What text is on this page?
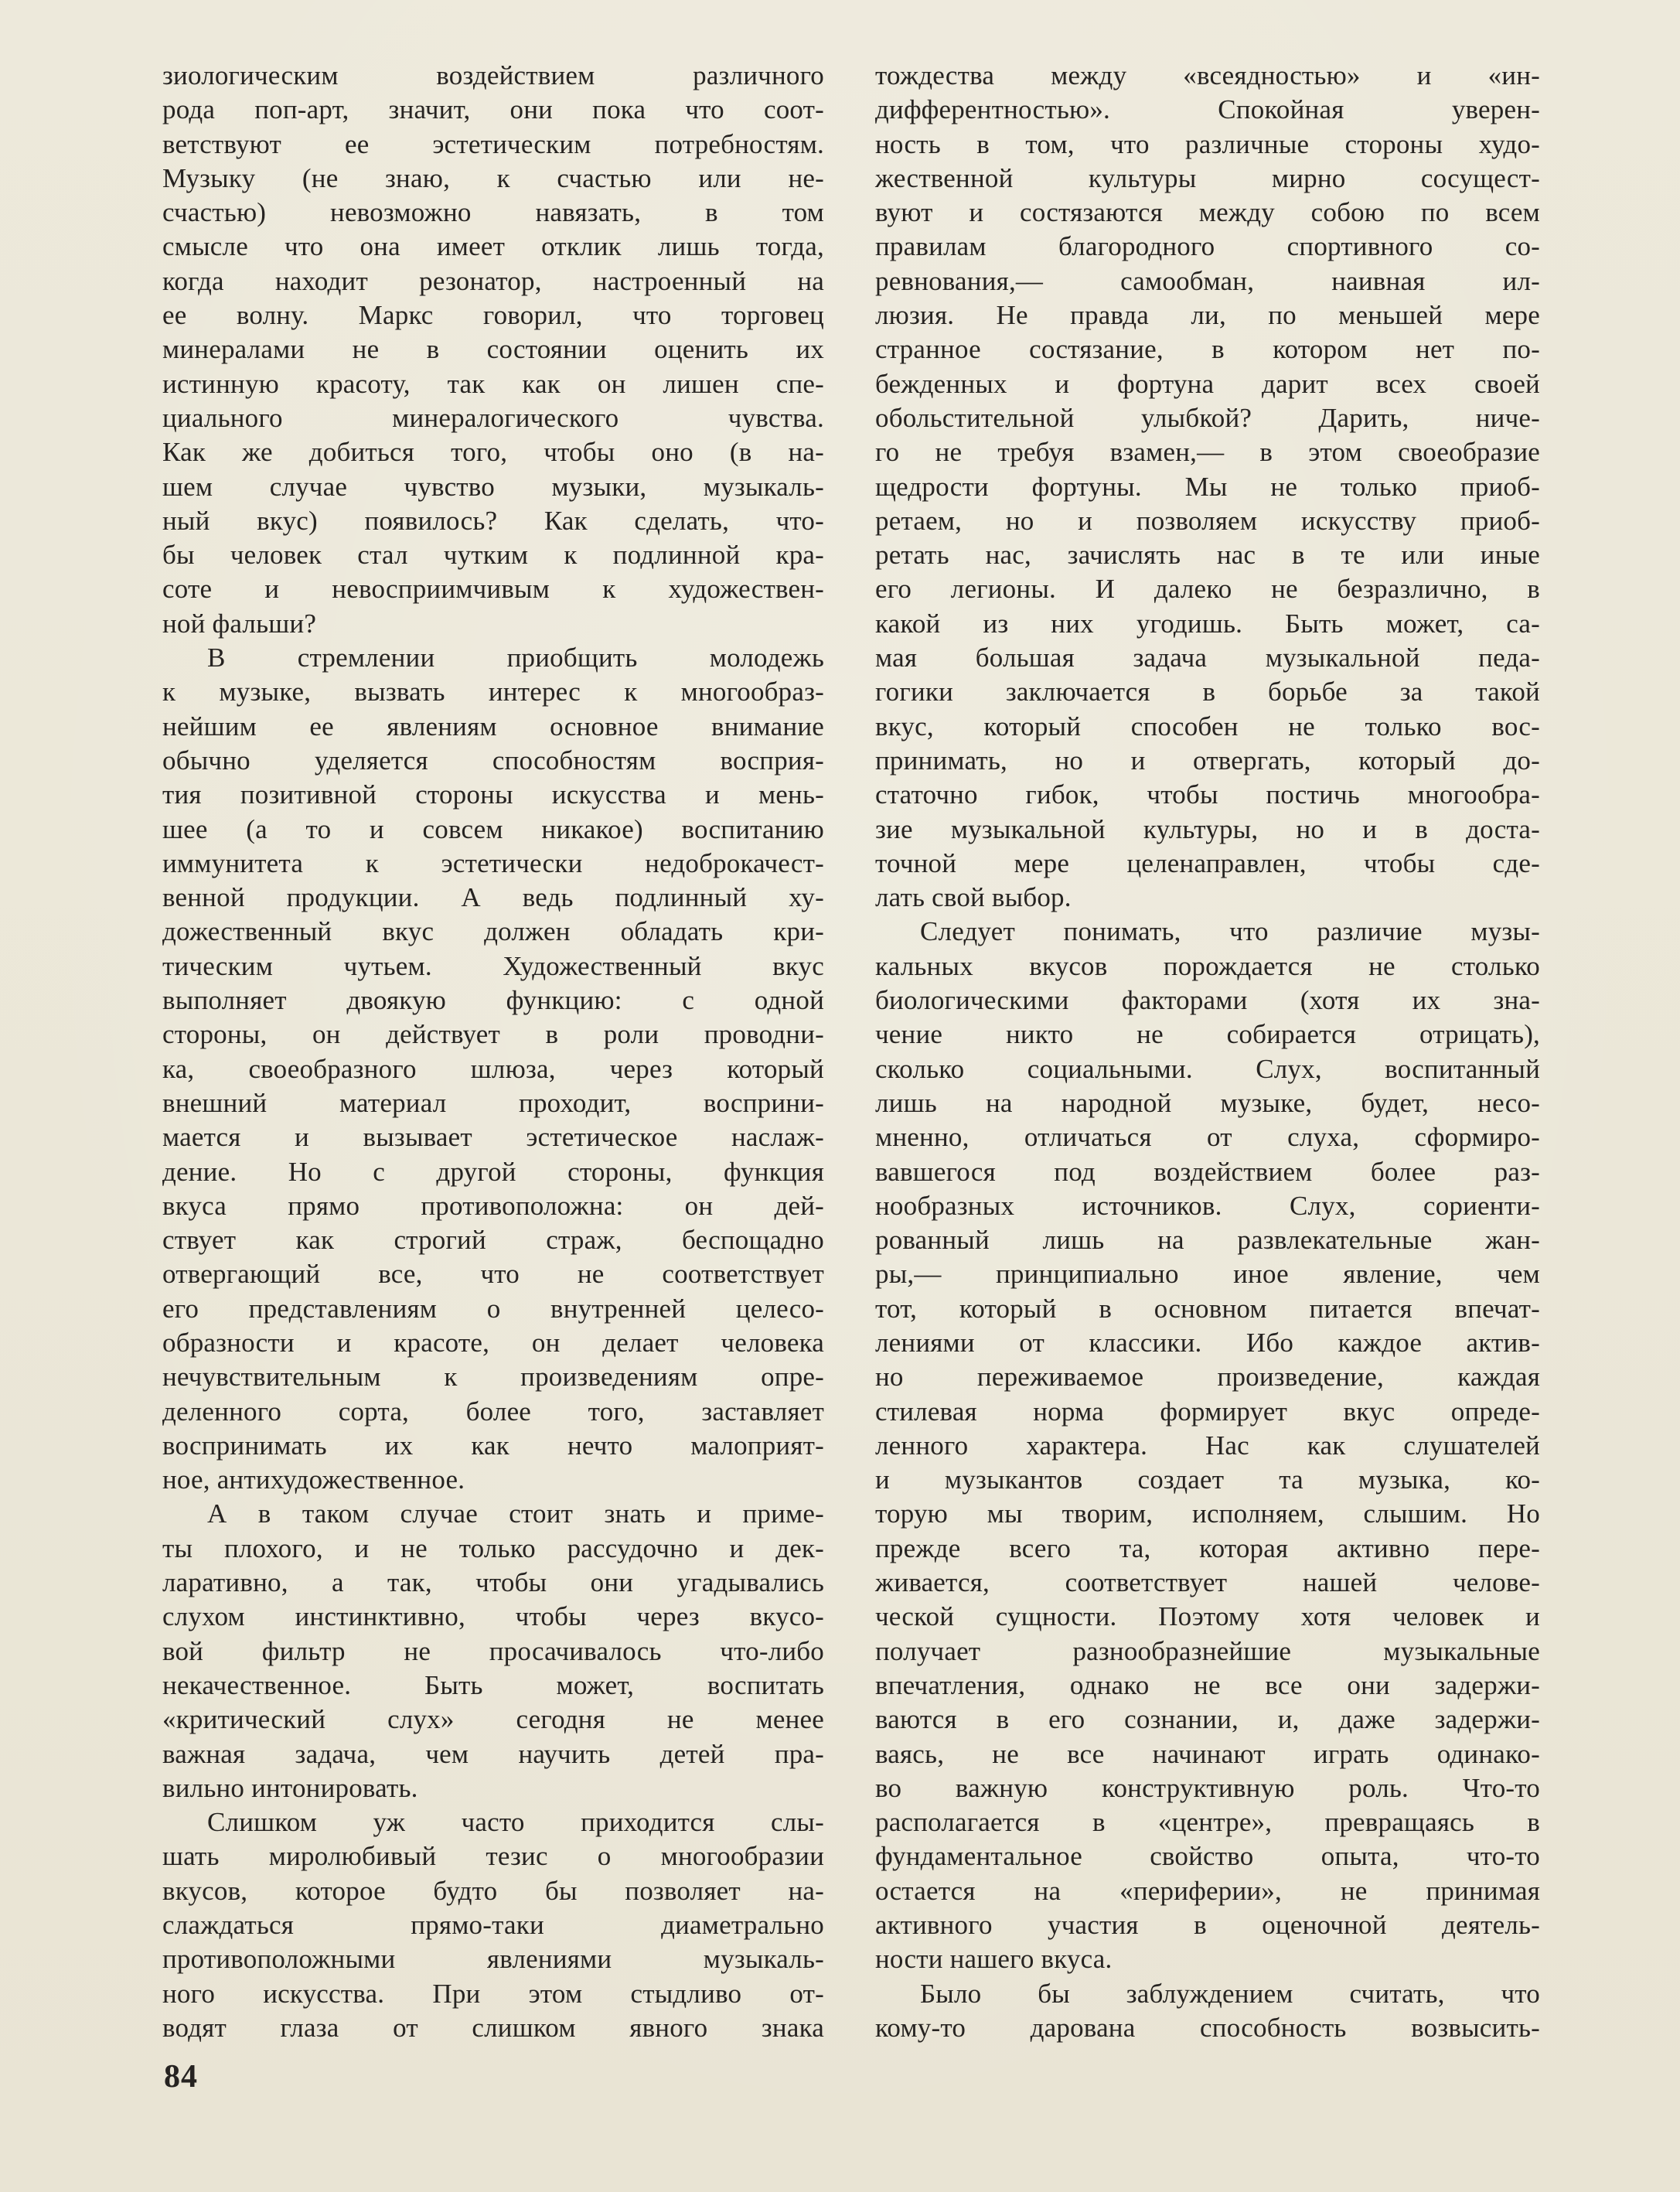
зиологическим воздействием различного
рода поп-арт, значит, они пока что соот-
ветствуют ее эстетическим потребностям.
Музыку (не знаю, к счастью или не-
счастью) невозможно навязать, в том
смысле что она имеет отклик лишь тогда,
когда находит резонатор, настроенный на
ее волну. Маркс говорил, что торговец
минералами не в состоянии оценить их
истинную красоту, так как он лишен спе-
циального минералогического чувства.
Как же добиться того, чтобы оно (в на-
шем случае чувство музыки, музыкаль-
ный вкус) появилось? Как сделать, что-
бы человек стал чутким к подлинной кра-
соте и невосприимчивым к художествен-
ной фальши?
В стремлении приобщить молодежь
к музыке, вызвать интерес к многообраз-
нейшим ее явлениям основное внимание
обычно уделяется способностям восприя-
тия позитивной стороны искусства и мень-
шее (а то и совсем никакое) воспитанию
иммунитета к эстетически недоброкачест-
венной продукции. А ведь подлинный ху-
дожественный вкус должен обладать кри-
тическим чутьем. Художественный вкус
выполняет двоякую функцию: с одной
стороны, он действует в роли проводни-
ка, своеобразного шлюза, через который
внешний материал проходит, восприни-
мается и вызывает эстетическое наслаж-
дение. Но с другой стороны, функция
вкуса прямо противоположна: он дей-
ствует как строгий страж, беспощадно
отвергающий все, что не соответствует
его представлениям о внутренней целесо-
образности и красоте, он делает человека
нечувствительным к произведениям опре-
деленного сорта, более того, заставляет
воспринимать их как нечто малоприят-
ное, антихудожественное.
А в таком случае стоит знать и приме-
ты плохого, и не только рассудочно и дек-
ларативно, а так, чтобы они угадывались
слухом инстинктивно, чтобы через вкусо-
вой фильтр не просачивалось что-либо
некачественное. Быть может, воспитать
«критический слух» сегодня не менее
важная задача, чем научить детей пра-
вильно интонировать.
Слишком уж часто приходится слы-
шать миролюбивый тезис о многообразии
вкусов, которое будто бы позволяет на-
слаждаться прямо-таки диаметрально
противоположными явлениями музыкаль-
ного искусства. При этом стыдливо от-
водят глаза от слишком явного знака
тождества между «всеядностью» и «ин-
дифферентностью». Спокойная уверен-
ность в том, что различные стороны худо-
жественной культуры мирно сосущест-
вуют и состязаются между собою по всем
правилам благородного спортивного со-
ревнования,— самообман, наивная ил-
люзия. Не правда ли, по меньшей мере
странное состязание, в котором нет по-
бежденных и фортуна дарит всех своей
обольстительной улыбкой? Дарить, ниче-
го не требуя взамен,— в этом своеобразие
щедрости фортуны. Мы не только приоб-
ретаем, но и позволяем искусству приоб-
ретать нас, зачислять нас в те или иные
его легионы. И далеко не безразлично, в
какой из них угодишь. Быть может, са-
мая большая задача музыкальной педа-
гогики заключается в борьбе за такой
вкус, который способен не только вос-
принимать, но и отвергать, который до-
статочно гибок, чтобы постичь многообра-
зие музыкальной культуры, но и в доста-
точной мере целенаправлен, чтобы сде-
лать свой выбор.
Следует понимать, что различие музы-
кальных вкусов порождается не столько
биологическими факторами (хотя их зна-
чение никто не собирается отрицать),
сколько социальными. Слух, воспитанный
лишь на народной музыке, будет, несо-
мненно, отличаться от слуха, сформиро-
вавшегося под воздействием более раз-
нообразных источников. Слух, сориенти-
рованный лишь на развлекательные жан-
ры,— принципиально иное явление, чем
тот, который в основном питается впечат-
лениями от классики. Ибо каждое актив-
но переживаемое произведение, каждая
стилевая норма формирует вкус опреде-
ленного характера. Нас как слушателей
и музыкантов создает та музыка, ко-
торую мы творим, исполняем, слышим. Но
прежде всего та, которая активно пере-
живается, соответствует нашей челове-
ческой сущности. Поэтому хотя человек и
получает разнообразнейшие музыкальные
впечатления, однако не все они задержи-
ваются в его сознании, и, даже задержи-
ваясь, не все начинают играть одинако-
во важную конструктивную роль. Что-то
располагается в «центре», превращаясь в
фундаментальное свойство опыта, что-то
остается на «периферии», не принимая
активного участия в оценочной деятель-
ности нашего вкуса.
Было бы заблуждением считать, что
кому-то дарована способность возвысить-
84
